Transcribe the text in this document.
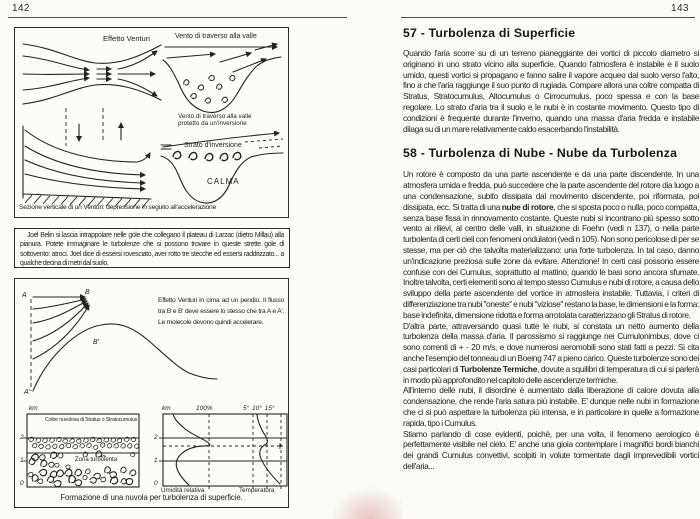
142
Effetto Venturi	Vento di traverso alla valle
Vento di traverso alla valle protetto da un'inversione
Strato d'inversione
CALMA
Sezione verticale di un Venturi: depressione in seguito all'accelerazione

Joel Belin si lascia intrappolare nelle gole che collegano il plateau di Larzac (dietro Millau) alla pianura. Potete immaginare le turbolenze che si possono trovare in queste strette gole di sottovento: atroci. Joel dice di essersi rovesciato, aver rotto tre stecche ed essersi raddrizzato... a qualche decina di metri dal suolo.

Effetto Venturi in cima ad un pendio. Il flusso tra B e B' deve essere lo stesso che tra A e A'. Le molecole devono quindi accelerare.
A	B
B'
A'
km
2
1
0
Coltre nuvolosa di Stratus o Stratocumulus
Zona turbolenta
km	100%	5° 10° 15°
2
1
0
Umidità relativa	Temperatura
Formazione di una nuvola per turbolenza di superficie.
143
57 - Turbolenza di Superficie

Quando l'aria scorre su di un terreno pianeggiante dei vortici di piccolo diametro si originano in uno strato vicino alla superficie. Quando l'atmosfera è instabile e il suolo umido, questi vortici si propagano e fanno salire il vapore acqueo dal suolo verso l'alto, fino a che l'aria raggiunge il suo punto di rugiada. Compare allora una coltre compatta di Stratus, Stratocumulus, Altocumulus o Cirrocumulus, poco spessa e con la base regolare. Lo strato d'aria tra il suolo e le nubi è in costante movimento. Questo tipo di condizioni è frequente durante l'inverno, quando una massa d'aria fredda e instabile dilaga su di un mare relativamente caldo esacerbando l'instabilità.

58 - Turbolenza di Nube - Nube da Turbolenza

Un rotore è composto da una parte ascendente e da una parte discendente. In una atmosfera umida e fredda, può succedere che la parte ascendente del rotore dia luogo a una condensazione, subito dissipata dal movimento discendente, poi riformata, poi dissipata, ecc. Si tratta di una nube di rotore, che si sposta poco o nulla, poco compatta, senza base fissa in rinnovamento costante. Queste nubi si incontrano più spesso sotto vento ai rilievi, al centro delle valli, in situazione di Foehn (vedi n 137), o nella parte turbolenta di certi cieli con fenomeni ondulatori (vedi n 105). Non sono pericolose di per se stesse, ma per ciò che talvolta materializzano: una forte turbolenza. In tal caso, danno un'indicazione preziosa sulle zone da evitare. Attenzione! In certi casi possono essere confuse con dei Cumulus, soprattutto al mattino, quando le basi sono ancora sfumate. Inoltre talvolta, certi elementi sono al tempo stesso Cumulus e nubi di rotore, a causa dello sviluppo della parte ascendente del vortice in atmosfera instabile. Tuttavia, i criteri di differenziazione tra nubi ''oneste'' e nubi ''viziose'' restano la base, le dimensioni e la forma: base indefinita, dimensione ridotta e forma arrotolata caratterizzano gli Stratus di rotore.

D'altra parte, attraversando quasi tutte le nubi, si constata un netto aumento della turbolenza della massa d'aria. Il parossismo si raggiunge nei Cumulonimbus, dove ci sono correnti di + - 20 m/s, e dove numerosi aeromobili sono stati fatti a pezzi. Si cita anche l'esempio del tonneau di un Boeing 747 a pieno carico. Queste turbolenze sono dei casi particolari di Turbolenze Termiche, dovute a squilibri di temperatura di cui si parlerà in modo più approfondito nel capitolo delle ascendenze termiche.

All'interno delle nubi, il disordine è aumentato dalla liberazione di calore dovuta alla condensazione, che rende l'aria satura più instabile. E' dunque nelle nubi in formazione che ci si può aspettare la turbolenza più intensa, e in particolare in quelle a formazione rapida, tipo i Cumulus.

Stiamo parlando di cose evidenti, poichè, per una volta, il fenomeno aerologico è perfettamente visibile nel cielo. E' anche una gioia contemplare i magnifici bordi bianchi dei grandi Cumulus convettivi, scolpiti in volute tormentate dagli imprevedibili vortici dell'aria...
